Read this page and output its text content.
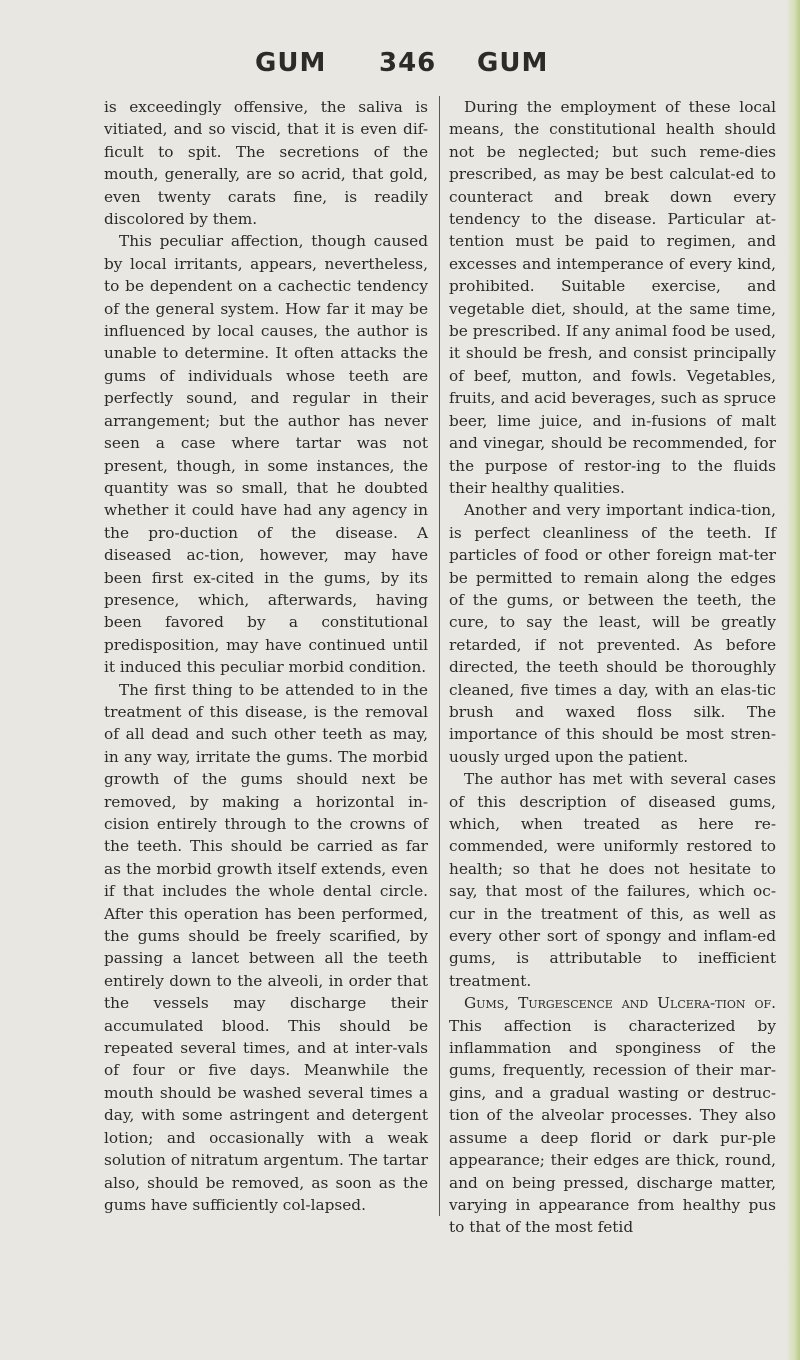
GUM 346 GUM

is exceedingly offensive, the saliva is vitiated, and so viscid, that it is even dif-ficult to spit. The secretions of the mouth, generally, are so acrid, that gold, even twenty carats fine, is readily discolored by them.

This peculiar affection, though caused by local irritants, appears, nevertheless, to be dependent on a cachectic tendency of the general system. How far it may be influenced by local causes, the author is unable to determine. It often attacks the gums of individuals whose teeth are perfectly sound, and regular in their arrangement; but the author has never seen a case where tartar was not present, though, in some instances, the quantity was so small, that he doubted whether it could have had any agency in the pro-duction of the disease. A diseased ac-tion, however, may have been first ex-cited in the gums, by its presence, which, afterwards, having been favored by a constitutional predisposition, may have continued until it induced this peculiar morbid condition.

The first thing to be attended to in the treatment of this disease, is the removal of all dead and such other teeth as may, in any way, irritate the gums. The morbid growth of the gums should next be removed, by making a horizontal in-cision entirely through to the crowns of the teeth. This should be carried as far as the morbid growth itself extends, even if that includes the whole dental circle. After this operation has been performed, the gums should be freely scarified, by passing a lancet between all the teeth entirely down to the alveoli, in order that the vessels may discharge their accumulated blood. This should be repeated several times, and at inter-vals of four or five days. Meanwhile the mouth should be washed several times a day, with some astringent and detergent lotion; and occasionally with a weak solution of nitratum argentum. The tartar also, should be removed, as soon as the gums have sufficiently col-lapsed.

During the employment of these local means, the constitutional health should not be neglected; but such reme-dies prescribed, as may be best calculat-ed to counteract and break down every tendency to the disease. Particular at-tention must be paid to regimen, and excesses and intemperance of every kind, prohibited. Suitable exercise, and vegetable diet, should, at the same time, be prescribed. If any animal food be used, it should be fresh, and consist principally of beef, mutton, and fowls. Vegetables, fruits, and acid beverages, such as spruce beer, lime juice, and in-fusions of malt and vinegar, should be recommended, for the purpose of restor-ing to the fluids their healthy qualities.

Another and very important indica-tion, is perfect cleanliness of the teeth. If particles of food or other foreign mat-ter be permitted to remain along the edges of the gums, or between the teeth, the cure, to say the least, will be greatly retarded, if not prevented. As before directed, the teeth should be thoroughly cleaned, five times a day, with an elas-tic brush and waxed floss silk. The importance of this should be most stren-uously urged upon the patient.

The author has met with several cases of this description of diseased gums, which, when treated as here re-commended, were uniformly restored to health; so that he does not hesitate to say, that most of the failures, which oc-cur in the treatment of this, as well as every other sort of spongy and inflam-ed gums, is attributable to inefficient treatment.

Gums, Turgescence and Ulcera-tion of. This affection is characterized by inflammation and sponginess of the gums, frequently, recession of their mar-gins, and a gradual wasting or destruc-tion of the alveolar processes. They also assume a deep florid or dark pur-ple appearance; their edges are thick, round, and on being pressed, discharge matter, varying in appearance from healthy pus to that of the most fetid
